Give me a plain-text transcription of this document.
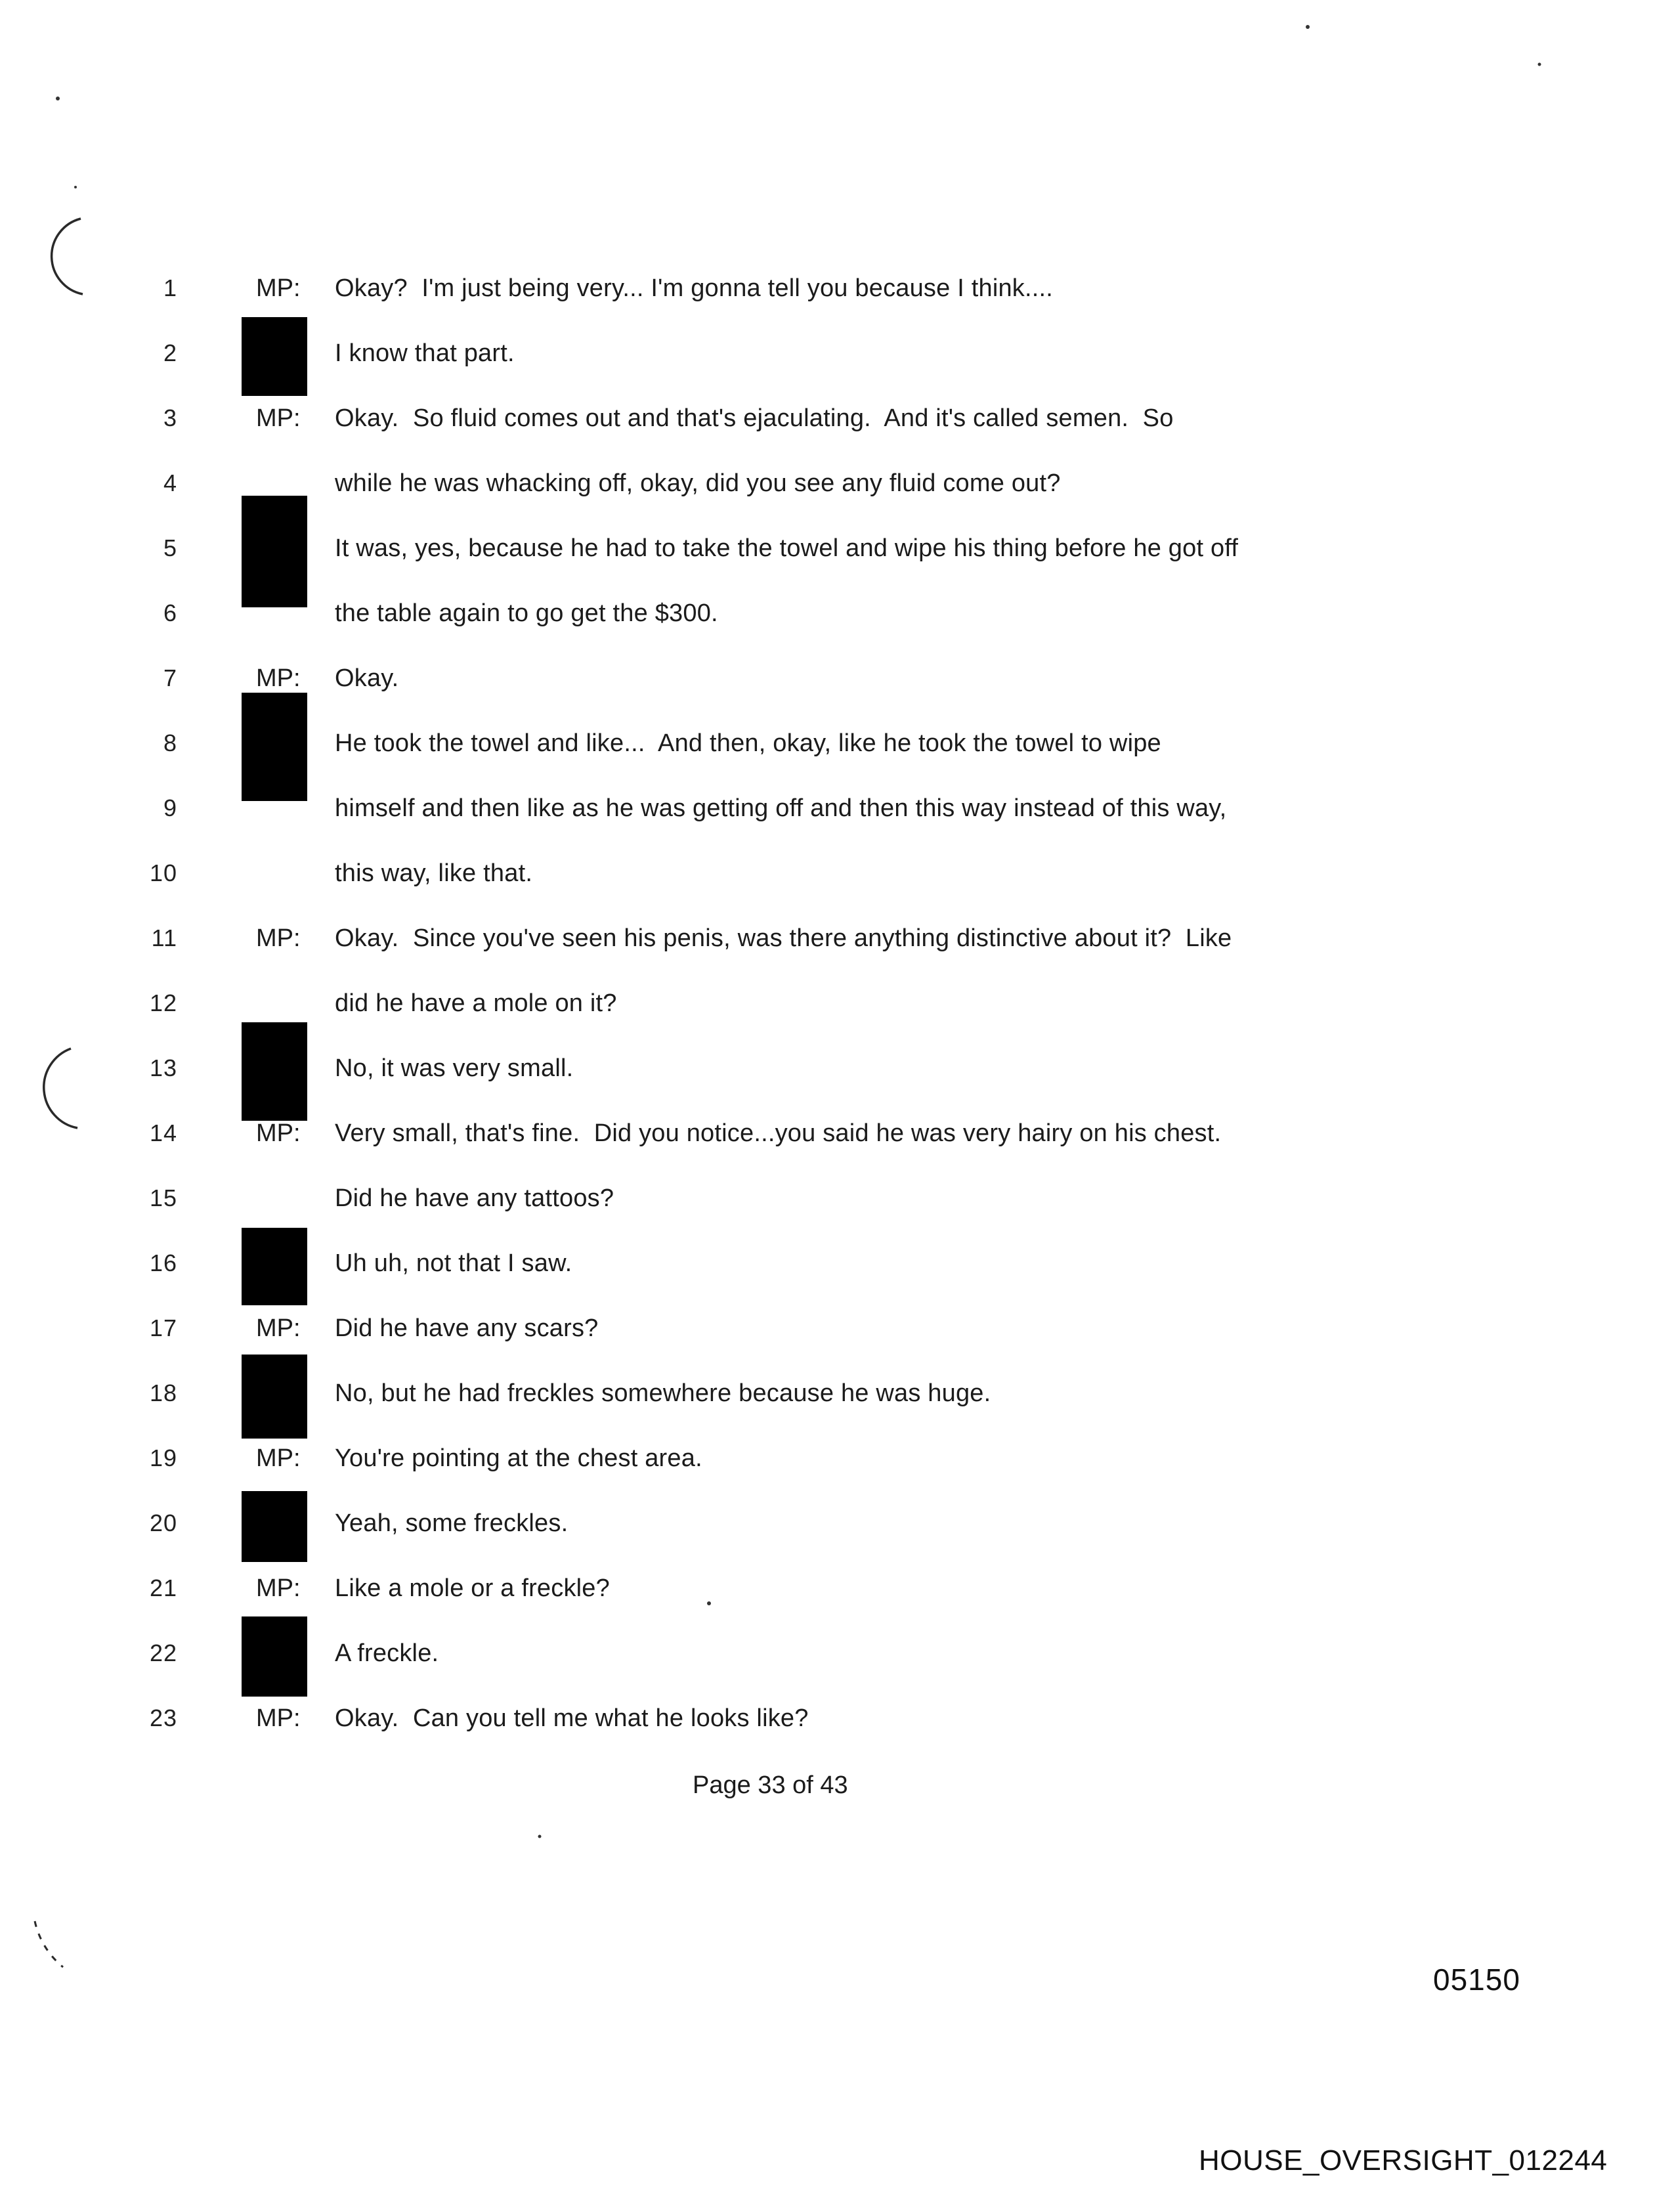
1	MP: Okay?  I'm just being very... I'm gonna tell you because I think....
2	I know that part.
3	MP: Okay.  So fluid comes out and that's ejaculating.  And it's called semen.  So
4	while he was whacking off, okay, did you see any fluid come out?
5	It was, yes, because he had to take the towel and wipe his thing before he got off
6	the table again to go get the $300.
7	MP: Okay.
8	He took the towel and like...  And then, okay, like he took the towel to wipe
9	himself and then like as he was getting off and then this way instead of this way,
10	this way, like that.
11	MP: Okay.  Since you've seen his penis, was there anything distinctive about it?  Like
12	did he have a mole on it?
13	No, it was very small.
14	MP: Very small, that's fine.  Did you notice...you said he was very hairy on his chest.
15	Did he have any tattoos?
16	Uh uh, not that I saw.
17	MP: Did he have any scars?
18	No, but he had freckles somewhere because he was huge.
19	MP: You're pointing at the chest area.
20	Yeah, some freckles.
21	MP: Like a mole or a freckle?
22	A freckle.
23	MP: Okay.  Can you tell me what he looks like?
Page 33 of 43
05150
HOUSE_OVERSIGHT_012244
